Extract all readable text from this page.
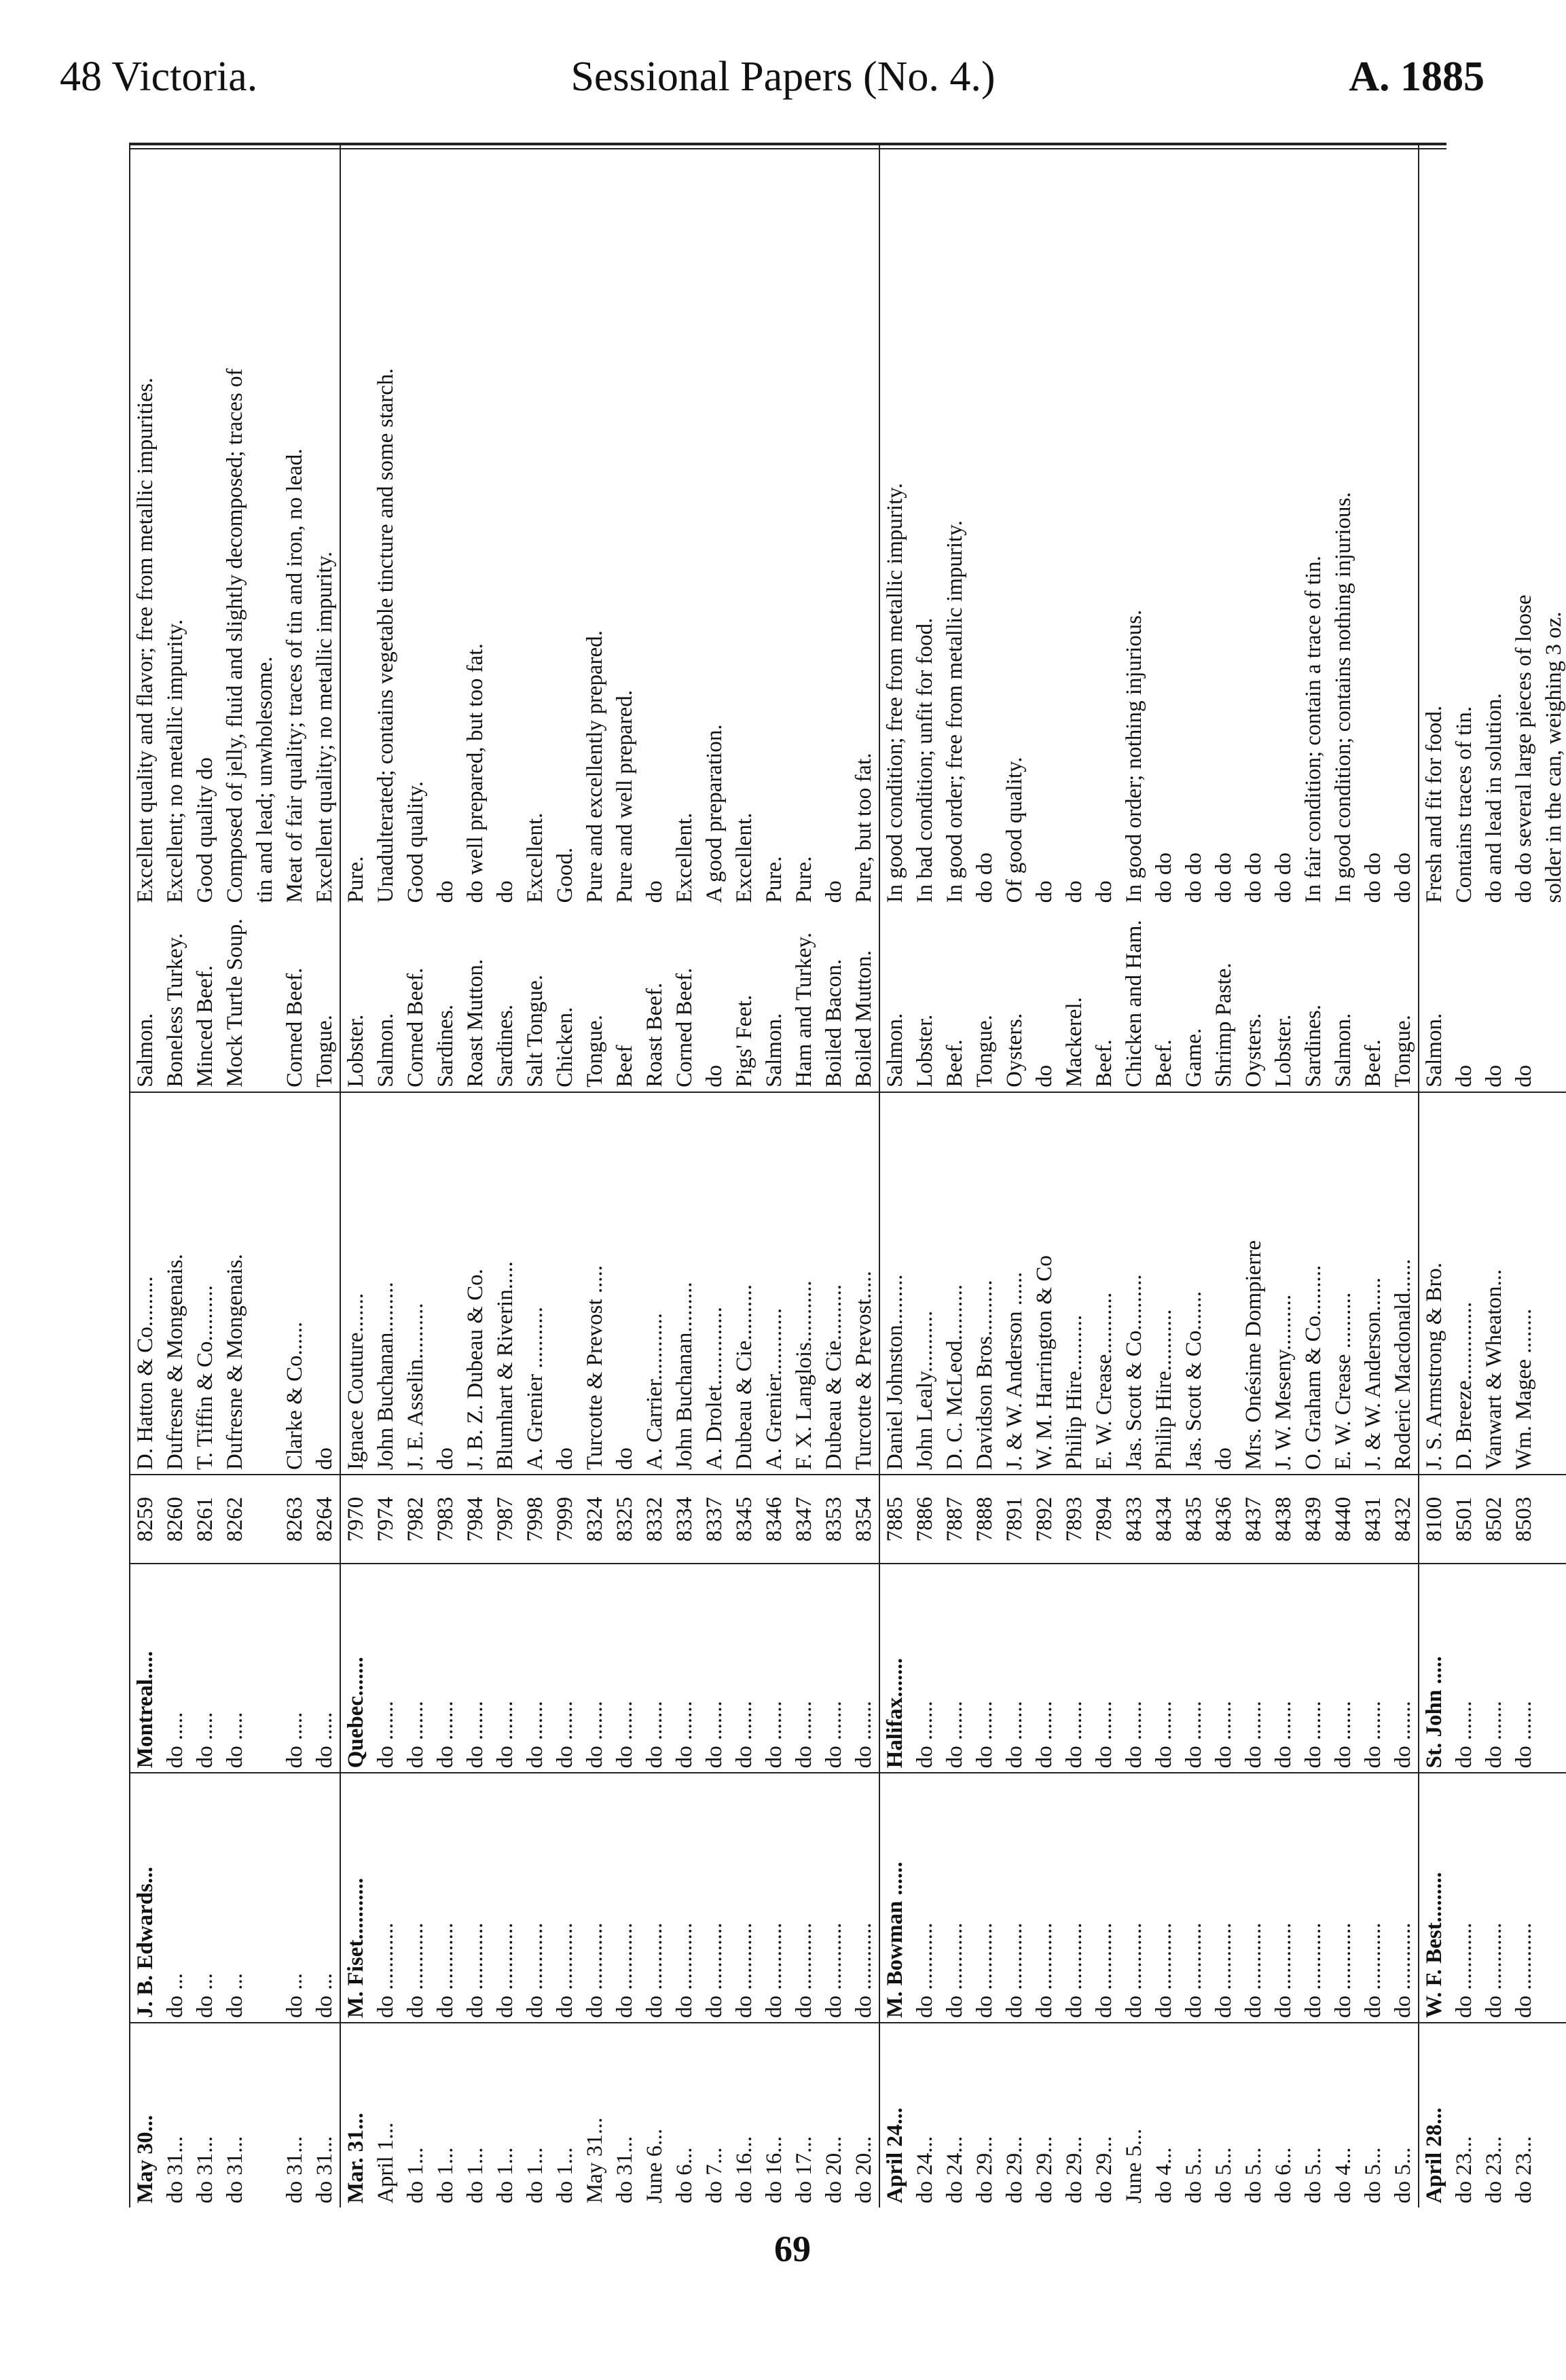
48 Victoria.	Sessional Papers (No. 4.)	A. 1885
May 30...	J. B. Edwards...	Montreal.....	8259	D. Hatton & Co.........	Salmon.	Excellent quality and flavor; free from metallic impurities.
do 31...	do ...	do .....	8260	Dufresne & Mongenais.	Boneless Turkey.	Excellent; no metallic impurity.
do 31...	do ...	do .....	8261	T. Tiffin & Co..........	Minced Beef.	Good quality do
do 31...	do ...	do .....	8262	Dufresne & Mongenais.	Mock Turtle Soup.	Composed of jelly, fluid and slightly decomposed; traces of
						tin and lead; unwholesome.
do 31...	do ...	do .....	8263	Clarke & Co......	Corned Beef.	Meat of fair quality; traces of tin and iron, no lead.
do 31...	do ...	do .....	8264	do	Tongue.	Excellent quality; no metallic impurity.
Mar. 31...	M. Fiset...........	Quebec.......	7970	Ignace Couture.......	Lobster.	Pure.
April 1...	do ............	do .......	7974	John Buchanan.........	Salmon.	Unadulterated; contains vegetable tincture and some starch.
do 1...	do ............	do .......	7982	J. E. Asselin..........	Corned Beef.	Good quality.
do 1...	do ............	do .......	7983	do	Sardines.	do
do 1...	do ............	do .......	7984	J. B. Z. Dubeau & Co.	Roast Mutton.	do well prepared, but too fat.
do 1...	do ............	do .......	7987	Blumhart & Riverin.....	Sardines.	do
do 1...	do ............	do .......	7998	A. Grenier ...........	Salt Tongue.	Excellent.
do 1...	do ............	do .......	7999	do	Chicken.	Good.
May 31...	do ............	do .......	8324	Turcotte & Prevost .....	Tongue.	Pure and excellently prepared.
do 31...	do ............	do .......	8325	do	Beef	Pure and well prepared.
June 6...	do ............	do .......	8332	A. Carrier............	Roast Beef.	do
do 6...	do ............	do .......	8334	John Buchanan.........	Corned Beef.	Excellent.
do 7...	do ............	do .......	8337	A. Drolet..............	do	A good preparation.
do 16...	do ............	do .......	8345	Dubeau & Cie..........	Pigs' Feet.	Excellent.
do 16...	do ............	do .......	8346	A. Grenier............	Salmon.	Pure.
do 17...	do ............	do .......	8347	F. X. Langlois...........	Ham and Turkey.	Pure.
do 20...	do ............	do .......	8353	Dubeau & Cie..........	Boiled Bacon.	do
do 20...	do ............	do .......	8354	Turcotte & Prevost.....	Boiled Mutton.	Pure, but too fat.
April 24...	M. Bowman ......	Halifax.......	7885	Daniel Johnston.........	Salmon.	In good condition; free from metallic impurity.
do 24...	do ............	do .......	7886	John Lealy...........	Lobster.	In bad condition; unfit for food.
do 24...	do ............	do .......	7887	D. C. McLeod..........	Beef.	In good order; free from metallic impurity.
do 29...	do ............	do .......	7888	Davidson Bros..........	Tongue.	do do
do 29...	do ............	do .......	7891	J. & W. Anderson ......	Oysters.	Of good quality.
do 29...	do ............	do .......	7892	W. M. Harrington & Co	do	do
do 29...	do ............	do .......	7893	Philip Hire..........	Mackerel.	do
do 29...	do ............	do .......	7894	E. W. Crease...........	Beef.	do
June 5...	do ............	do .......	8433	Jas. Scott & Co..........	Chicken and Ham.	In good order; nothing injurious.
do 4...	do ............	do .......	8434	Philip Hire...........	Beef.	do do
do 5...	do ............	do .......	8435	Jas. Scott & Co.......	Game.	do do
do 5...	do ............	do .......	8436	do	Shrimp Paste.	do do
do 5...	do ............	do .......	8437	Mrs. Onésime Dompierre	Oysters.	do do
do 6...	do ............	do .......	8438	J. W. Meseny..........	Lobster.	do do
do 5...	do ............	do .......	8439	O. Graham & Co.........	Sardines.	In fair condition; contain a trace of tin.
do 4...	do ............	do .......	8440	E. W. Crease ..........	Salmon.	In good condition; contains nothing injurious.
do 5...	do ............	do .......	8431	J. & W. Anderson......	Beef.	do do
do 5...	do ............	do .......	8432	Roderic Macdonald......	Tongue.	do do
April 28...	W. F. Best.........	St. John .....	8100	J. S. Armstrong & Bro.	Salmon.	Fresh and fit for food.
do 23...	do ............	do .......	8501	D. Breeze..............	do	Contains traces of tin.
do 23...	do ............	do .......	8502	Vanwart & Wheaton...	do	do and lead in solution.
do 23...	do ............	do .......	8503	Wm. Magee ........	do	do do several large pieces of loose
						solder in the can, weighing 3 oz.
69
